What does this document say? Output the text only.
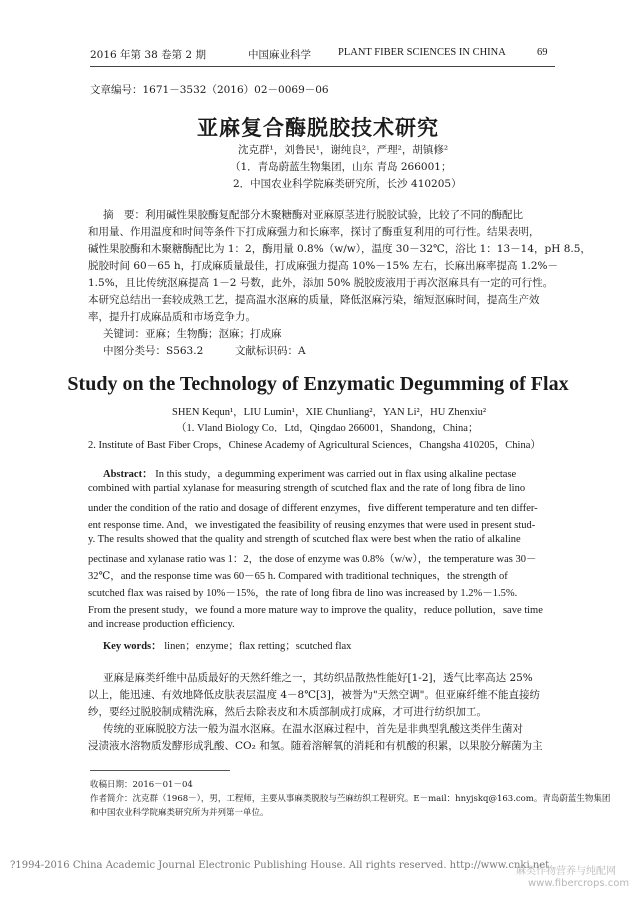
2016 年第 38 卷第 2 期	中国麻业科学	PLANT FIBER SCIENCES IN CHINA	69
文章编号：1671－3532（2016）02－0069－06
亚麻复合酶脱胶技术研究
沈克群¹，刘鲁民¹，谢纯良²，严理²，胡镇修²
（1．青岛蔚蓝生物集团，山东 青岛 266001；
2．中国农业科学院麻类研究所，长沙 410205）
摘　要：利用碱性果胶酶复配部分木聚糖酶对亚麻原茎进行脱胶试验，比较了不同的酶配比
和用量、作用温度和时间等条件下打成麻强力和长麻率，探讨了酶重复利用的可行性。结果表明，
碱性果胶酶和木聚糖酶配比为 1：2，酶用量 0.8%（w/w），温度 30－32℃，浴比 1：13－14，pH 8.5，
脱胶时间 60－65 h，打成麻质量最佳，打成麻强力提高 10%－15% 左右，长麻出麻率提高 1.2%－
1.5%，且比传统沤麻提高 1－2 号数，此外，添加 50% 脱胶废液用于再次沤麻具有一定的可行性。
本研究总结出一套较成熟工艺，提高温水沤麻的质量，降低沤麻污染，缩短沤麻时间，提高生产效
率，提升打成麻品质和市场竞争力。
关键词：亚麻；生物酶；沤麻；打成麻
中图分类号：S563.2	文献标识码：A
Study on the Technology of Enzymatic Degumming of Flax
SHEN Kequn¹，LIU Lumin¹，XIE Chunliang²，YAN Li²，HU Zhenxiu²
（1. Vland Biology Co．Ltd，Qingdao 266001，Shandong，China；
2. Institute of Bast Fiber Crops，Chinese Academy of Agricultural Sciences，Changsha 410205，China）
Abstract： In this study，a degumming experiment was carried out in flax using alkaline pectase
combined with partial xylanase for measuring strength of scutched flax and the rate of long fibra de lino
under the condition of the ratio and dosage of different enzymes，five different temperature and ten differ-
ent response time. And，we investigated the feasibility of reusing enzymes that were used in present stud-
y. The results showed that the quality and strength of scutched flax were best when the ratio of alkaline
pectinase and xylanase ratio was 1：2，the dose of enzyme was 0.8%（w/w），the temperature was 30－
32℃，and the response time was 60－65 h. Compared with traditional techniques，the strength of
scutched flax was raised by 10%－15%，the rate of long fibra de lino was increased by 1.2%－1.5%.
From the present study，we found a more mature way to improve the quality，reduce pollution，save time
and increase production efficiency.
Key words： linen；enzyme；flax retting；scutched flax
亚麻是麻类纤维中品质最好的天然纤维之一，其纺织品散热性能好[1-2]，透气比率高达 25%
以上，能迅速、有效地降低皮肤表层温度 4－8℃[3]，被誉为"天然空调"。但亚麻纤维不能直接纺
纱，要经过脱胶制成精洗麻，然后去除表皮和木质部制成打成麻，才可进行纺织加工。
传统的亚麻脱胶方法一般为温水沤麻。在温水沤麻过程中，首先是非典型乳酸这类伴生菌对
浸渍液水溶物质发酵形成乳酸、CO₂ 和氢。随着溶解氧的消耗和有机酸的积累，以果胶分解菌为主
收稿日期：2016－01－04
作者简介：沈克群（1968－），男，工程师，主要从事麻类脱胶与苎麻纺织工程研究。E－mail：hnyjskq@163.com。青岛蔚蓝生物集团
和中国农业科学院麻类研究所为并列第一单位。
?1994-2016 China Academic Journal Electronic Publishing House. All rights reserved. http://www.cnki.net
麻类作物营养与纯配网
www.fibercrops.com
